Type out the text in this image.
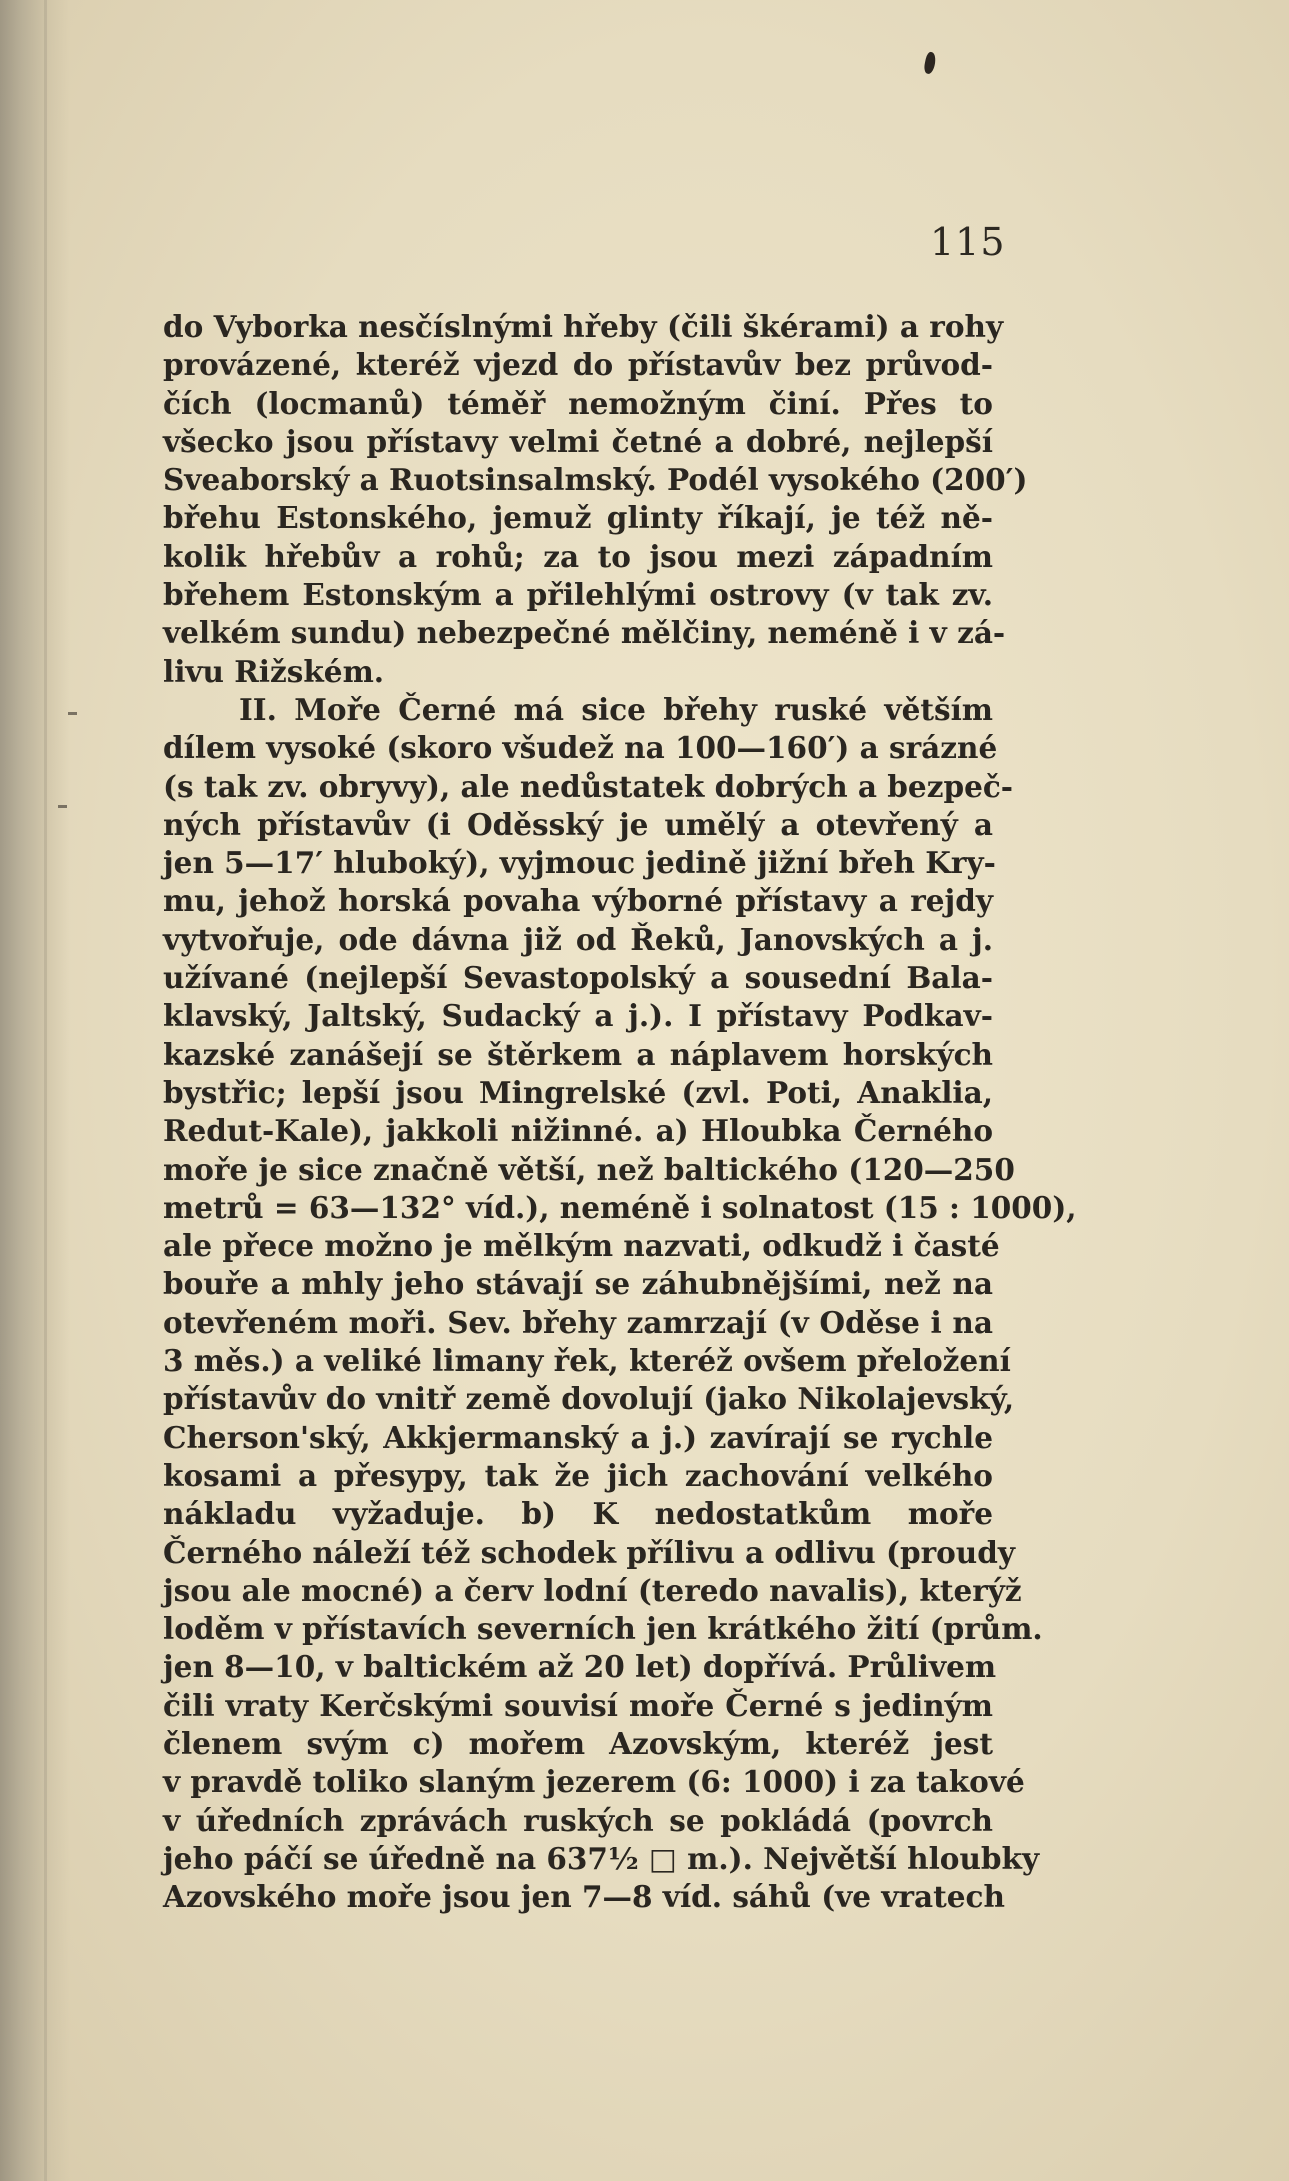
115
do Vyborka nesčíslnými hřeby (čili škérami) a rohy
provázené, kteréž vjezd do přístavův bez průvod-
čích (locmanů) téměř nemožným činí. Přes to
všecko jsou přístavy velmi četné a dobré, nejlepší
Sveaborský a Ruotsinsalmský. Podél vysokého (200′)
břehu Estonského, jemuž glinty říkají, je též ně-
kolik hřebův a rohů; za to jsou mezi západním
břehem Estonským a přilehlými ostrovy (v tak zv.
velkém sundu) nebezpečné mělčiny, neméně i v zá-
livu Rižském.
II. Moře Černé má sice břehy ruské větším
dílem vysoké (skoro všudež na 100—160′) a srázné
(s tak zv. obryvy), ale nedůstatek dobrých a bezpeč-
ných přístavův (i Oděsský je umělý a otevřený a
jen 5—17′ hluboký), vyjmouc jedině jižní břeh Kry-
mu, jehož horská povaha výborné přístavy a rejdy
vytvořuje, ode dávna již od Řeků, Janovských a j.
užívané (nejlepší Sevastopolský a sousední Bala-
klavský, Jaltský, Sudacký a j.). I přístavy Podkav-
kazské zanášejí se štěrkem a náplavem horských
bystřic; lepší jsou Mingrelské (zvl. Poti, Anaklia,
Redut-Kale), jakkoli nižinné. a) Hloubka Černého
moře je sice značně větší, než baltického (120—250
metrů = 63—132° víd.), neméně i solnatost (15 : 1000),
ale přece možno je mělkým nazvati, odkudž i časté
bouře a mhly jeho stávají se záhubnějšími, než na
otevřeném moři. Sev. břehy zamrzají (v Oděse i na
3 měs.) a veliké limany řek, kteréž ovšem přeložení
přístavův do vnitř země dovolují (jako Nikolajevský,
Cherson'ský, Akkjermanský a j.) zavírají se rychle
kosami a přesypy, tak že jich zachování velkého
nákladu vyžaduje. b) K nedostatkům moře
Černého náleží též schodek přílivu a odlivu (proudy
jsou ale mocné) a červ lodní (teredo navalis), kterýž
loděm v přístavích severních jen krátkého žití (prům.
jen 8—10, v baltickém až 20 let) dopřívá. Průlivem
čili vraty Kerčskými souvisí moře Černé s jediným
členem svým c) mořem Azovským, kteréž jest
v pravdě toliko slaným jezerem (6: 1000) i za takové
v úředních zprávách ruských se pokládá (povrch
jeho páčí se úředně na 637½ □ m.). Největší hloubky
Azovského moře jsou jen 7—8 víd. sáhů (ve vratech
